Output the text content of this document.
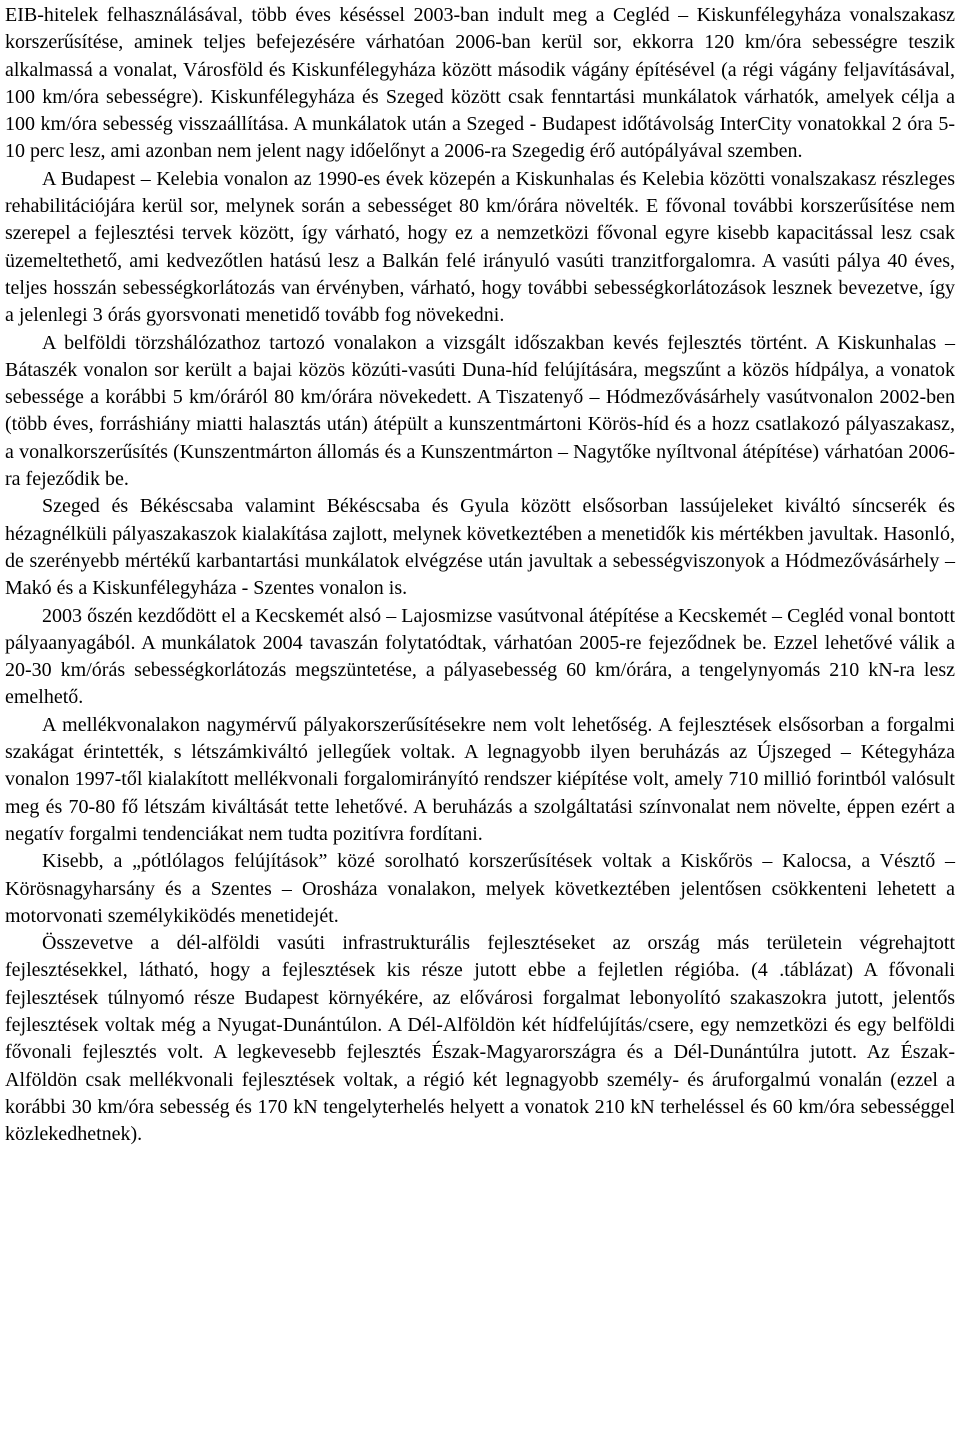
EIB-hitelek felhasználásával, több éves késéssel 2003-ban indult meg a Cegléd – Kiskunfélegyháza vonalszakasz korszerűsítése, aminek teljes befejezésére várhatóan 2006-ban kerül sor, ekkorra 120 km/óra sebességre teszik alkalmassá a vonalat, Városföld és Kiskunfélegyháza között második vágány építésével (a régi vágány feljavításával, 100 km/óra sebességre). Kiskunfélegyháza és Szeged között csak fenntartási munkálatok várhatók, amelyek célja a 100 km/óra sebesség visszaállítása. A munkálatok után a Szeged - Budapest időtávolság InterCity vonatokkal 2 óra 5-10 perc lesz, ami azonban nem jelent nagy időelőnyt a 2006-ra Szegedig érő autópályával szemben.

A Budapest – Kelebia vonalon az 1990-es évek közepén a Kiskunhalas és Kelebia közötti vonalszakasz részleges rehabilitációjára kerül sor, melynek során a sebességet 80 km/órára növelték. E fővonal további korszerűsítése nem szerepel a fejlesztési tervek között, így várható, hogy ez a nemzetközi fővonal egyre kisebb kapacitással lesz csak üzemeltethető, ami kedvezőtlen hatású lesz a Balkán felé irányuló vasúti tranzitforgalomra. A vasúti pálya 40 éves, teljes hosszán sebességkorlátozás van érvényben, várható, hogy további sebességkorlátozások lesznek bevezetve, így a jelenlegi 3 órás gyorsvonati menetidő tovább fog növekedni.

A belföldi törzshálózathoz tartozó vonalakon a vizsgált időszakban kevés fejlesztés történt. A Kiskunhalas – Bátaszék vonalon sor került a bajai közös közúti-vasúti Duna-híd felújítására, megszűnt a közös hídpálya, a vonatok sebessége a korábbi 5 km/óráról 80 km/órára növekedett. A Tiszatenyő – Hódmezővásárhely vasútvonalon 2002-ben (több éves, forráshiány miatti halasztás után) átépült a kunszentmártoni Körös-híd és a hozz csatlakozó pályaszakasz, a vonalkorszerűsítés (Kunszentmárton állomás és a Kunszentmárton – Nagytőke nyíltvonal átépítése) várhatóan 2006-ra fejeződik be.

Szeged és Békéscsaba valamint Békéscsaba és Gyula között elsősorban lassújeleket kiváltó síncserék és hézagnélküli pályaszakaszok kialakítása zajlott, melynek következtében a menetidők kis mértékben javultak. Hasonló, de szerényebb mértékű karbantartási munkálatok elvégzése után javultak a sebességviszonyok a Hódmezővásárhely – Makó és a Kiskunfélegyháza - Szentes vonalon is.

2003 őszén kezdődött el a Kecskemét alsó – Lajosmizse vasútvonal átépítése a Kecskemét – Cegléd vonal bontott pályaanyagából. A munkálatok 2004 tavaszán folytatódtak, várhatóan 2005-re fejeződnek be. Ezzel lehetővé válik a 20-30 km/órás sebességkorlátozás megszüntetése, a pályasebesség 60 km/órára, a tengelynyomás 210 kN-ra lesz emelhető.

A mellékvonalakon nagymérvű pályakorszerűsítésekre nem volt lehetőség. A fejlesztések elsősorban a forgalmi szakágat érintették, s létszámkiváltó jellegűek voltak. A legnagyobb ilyen beruházás az Újszeged – Kétegyháza vonalon 1997-től kialakított mellékvonali forgalomirányító rendszer kiépítése volt, amely 710 millió forintból valósult meg és 70-80 fő létszám kiváltását tette lehetővé. A beruházás a szolgáltatási színvonalat nem növelte, éppen ezért a negatív forgalmi tendenciákat nem tudta pozitívra fordítani.

Kisebb, a „pótlólagos felújítások” közé sorolható korszerűsítések voltak a Kiskőrös – Kalocsa, a Vésztő – Körösnagyharsány és a Szentes – Orosháza vonalakon, melyek következtében jelentősen csökkenteni lehetett a motorvonati személykiködés menetidejét.

Összevetve a dél-alföldi vasúti infrastrukturális fejlesztéseket az ország más területein végrehajtott fejlesztésekkel, látható, hogy a fejlesztések kis része jutott ebbe a fejletlen régióba. (4 .táblázat) A fővonali fejlesztések túlnyomó része Budapest környékére, az elővárosi forgalmat lebonyolító szakaszokra jutott, jelentős fejlesztések voltak még a Nyugat-Dunántúlon. A Dél-Alföldön két hídfelújítás/csere, egy nemzetközi és egy belföldi fővonali fejlesztés volt. A legkevesebb fejlesztés Észak-Magyarországra és a Dél-Dunántúlra jutott. Az Észak-Alföldön csak mellékvonali fejlesztések voltak, a régió két legnagyobb személy- és áruforgalmú vonalán (ezzel a korábbi 30 km/óra sebesség és 170 kN tengelyterhelés helyett a vonatok 210 kN terheléssel és 60 km/óra sebességgel közlekedhetnek).
